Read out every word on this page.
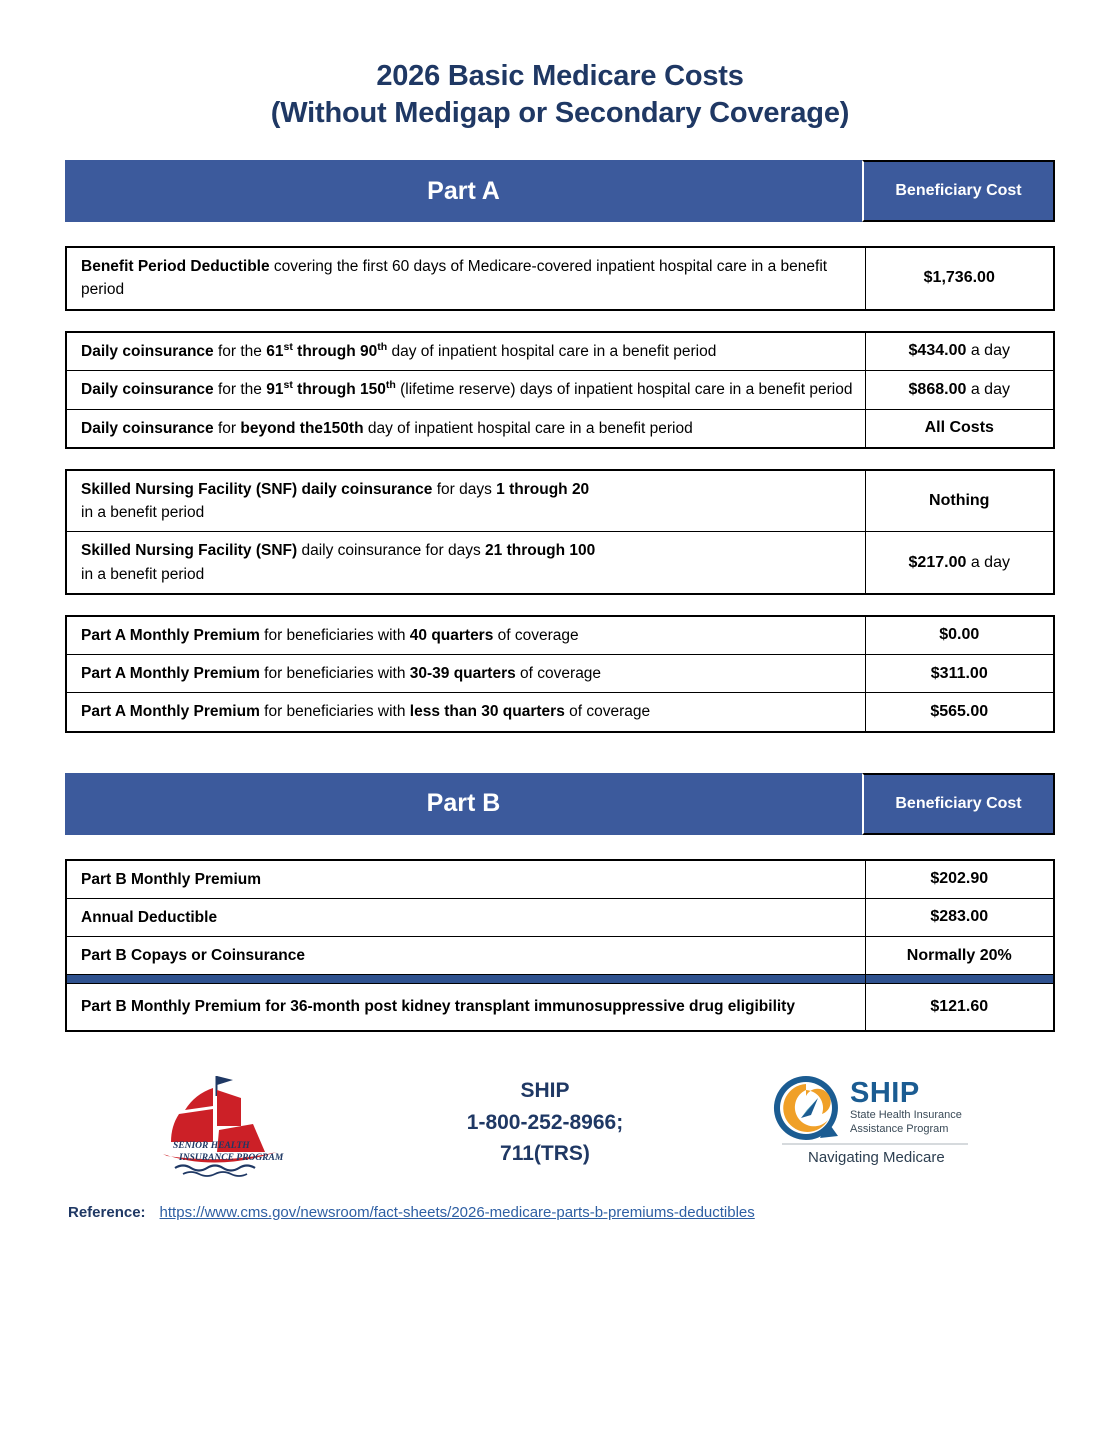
2026 Basic Medicare Costs
(Without Medigap or Secondary Coverage)
Part A	Beneficiary Cost
Benefit Period Deductible covering the first 60 days of Medicare-covered inpatient hospital care in a benefit period	$1,736.00
Daily coinsurance for the 61st through 90th day of inpatient hospital care in a benefit period	$434.00 a day
Daily coinsurance for the 91st through 150th (lifetime reserve) days of inpatient hospital care in a benefit period	$868.00 a day
Daily coinsurance for beyond the150th day of inpatient hospital care in a benefit period	All Costs
Skilled Nursing Facility (SNF) daily coinsurance for days 1 through 20
in a benefit period	Nothing
Skilled Nursing Facility (SNF) daily coinsurance for days 21 through 100
in a benefit period	$217.00 a day
Part A Monthly Premium for beneficiaries with 40 quarters of coverage	$0.00
Part A Monthly Premium for beneficiaries with 30-39 quarters of coverage	$311.00
Part A Monthly Premium for beneficiaries with less than 30 quarters of coverage	$565.00
Part B	Beneficiary Cost
Part B Monthly Premium	$202.90
Annual Deductible	$283.00
Part B Copays or Coinsurance	Normally 20%

Part B Monthly Premium for 36-month post kidney transplant immunosuppressive drug eligibility	$121.60
SENIOR HEALTH
INSURANCE PROGRAM
SHIP
1-800-252-8966;
711(TRS)
SHIP
State Health Insurance
Assistance Program
Navigating Medicare
Reference: https://www.cms.gov/newsroom/fact-sheets/2026-medicare-parts-b-premiums-deductibles
